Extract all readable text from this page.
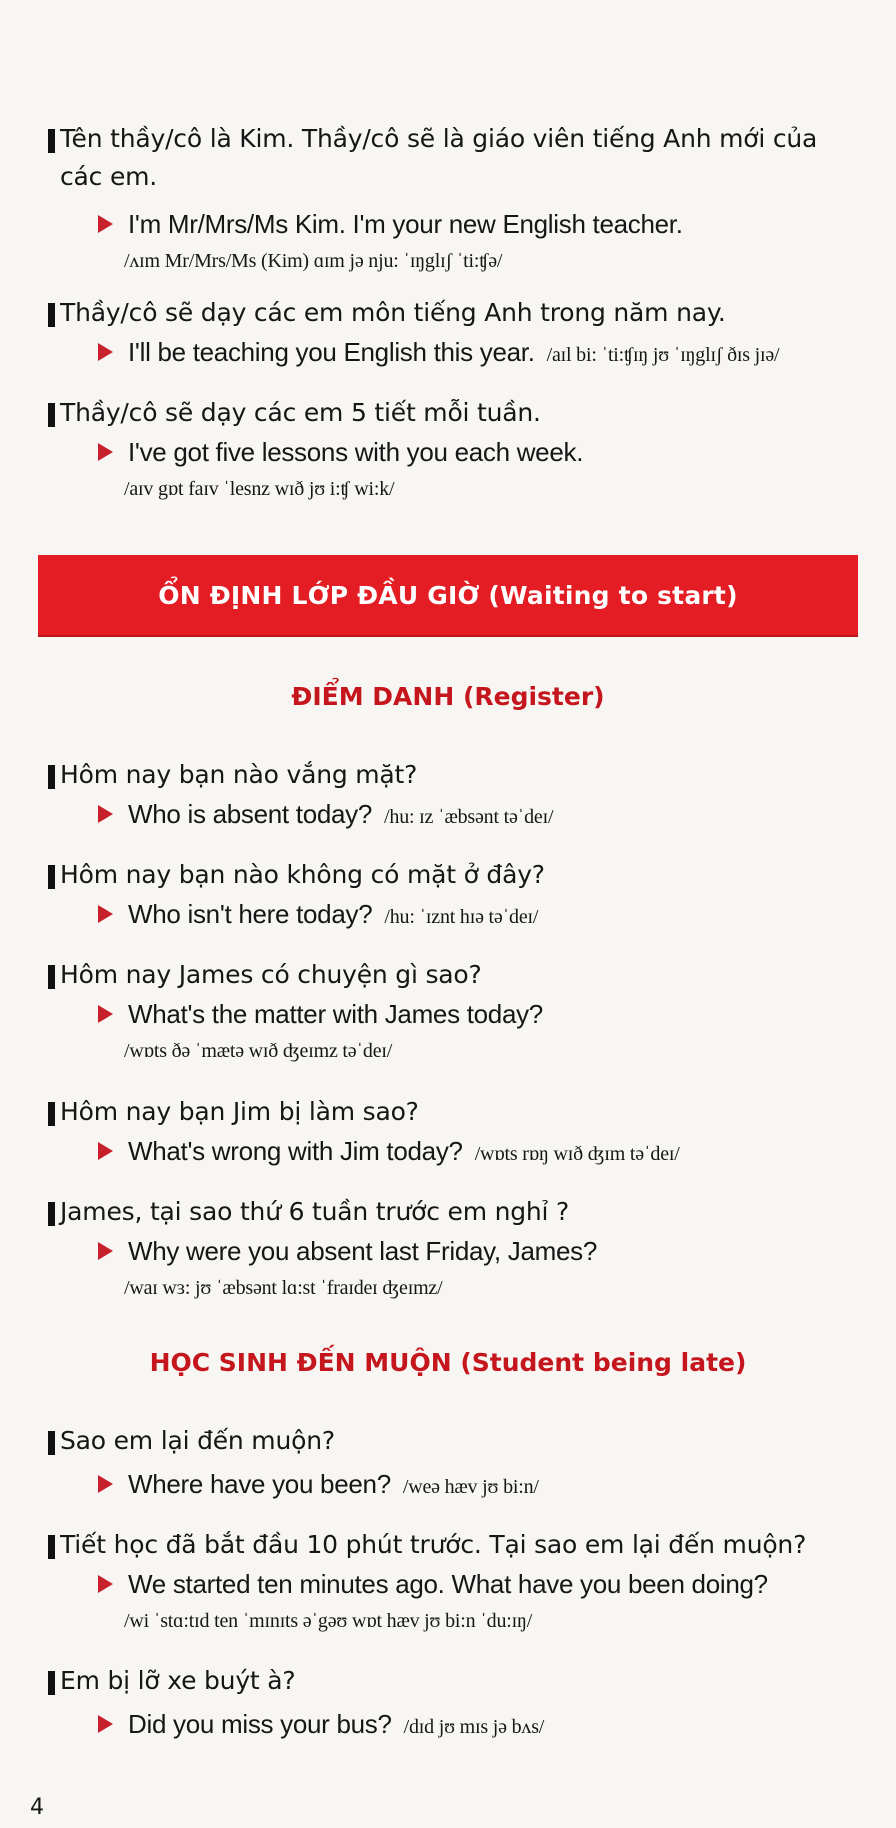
Tên thầy/cô là Kim. Thầy/cô sẽ là giáo viên tiếng Anh mới của các em.
I'm Mr/Mrs/Ms Kim. I'm your new English teacher.
/ʌɪm Mr/Mrs/Ms (Kim) ɑɪm jə nju: ˈɪŋglɪʃ ˈti:ʧə/
Thầy/cô sẽ dạy các em môn tiếng Anh trong năm nay.
I'll be teaching you English this year. /aɪl bi: ˈti:ʧɪŋ jʊ ˈɪŋglɪʃ ðɪs jɪə/
Thầy/cô sẽ dạy các em 5 tiết mỗi tuần.
I've got five lessons with you each week.
/aɪv gɒt faɪv ˈlesnz wɪð jʊ i:ʧ wi:k/
ỔN ĐỊNH LỚP ĐẦU GIỜ (Waiting to start)
ĐIỂM DANH (Register)
Hôm nay bạn nào vắng mặt?
Who is absent today? /hu: ɪz ˈæbsənt təˈdeɪ/
Hôm nay bạn nào không có mặt ở đây?
Who isn't here today? /hu: ˈɪznt hɪə təˈdeɪ/
Hôm nay James có chuyện gì sao?
What's the matter with James today?
/wɒts ðə ˈmætə wɪð ʤeɪmz təˈdeɪ/
Hôm nay bạn Jim bị làm sao?
What's wrong with Jim today? /wɒts rɒŋ wɪð ʤɪm təˈdeɪ/
James, tại sao thứ 6 tuần trước em nghỉ ?
Why were you absent last Friday, James?
/waɪ wɜ: jʊ ˈæbsənt lɑ:st ˈfraɪdeɪ ʤeɪmz/
HỌC SINH ĐẾN MUỘN (Student being late)
Sao em lại đến muộn?
Where have you been? /weə hæv jʊ bi:n/
Tiết học đã bắt đầu 10 phút trước. Tại sao em lại đến muộn?
We started ten minutes ago. What have you been doing?
/wi ˈstɑ:tɪd ten ˈmɪnɪts əˈgəʊ wɒt hæv jʊ bi:n ˈdu:ɪŋ/
Em bị lỡ xe buýt à?
Did you miss your bus? /dɪd jʊ mɪs jə bʌs/
4
